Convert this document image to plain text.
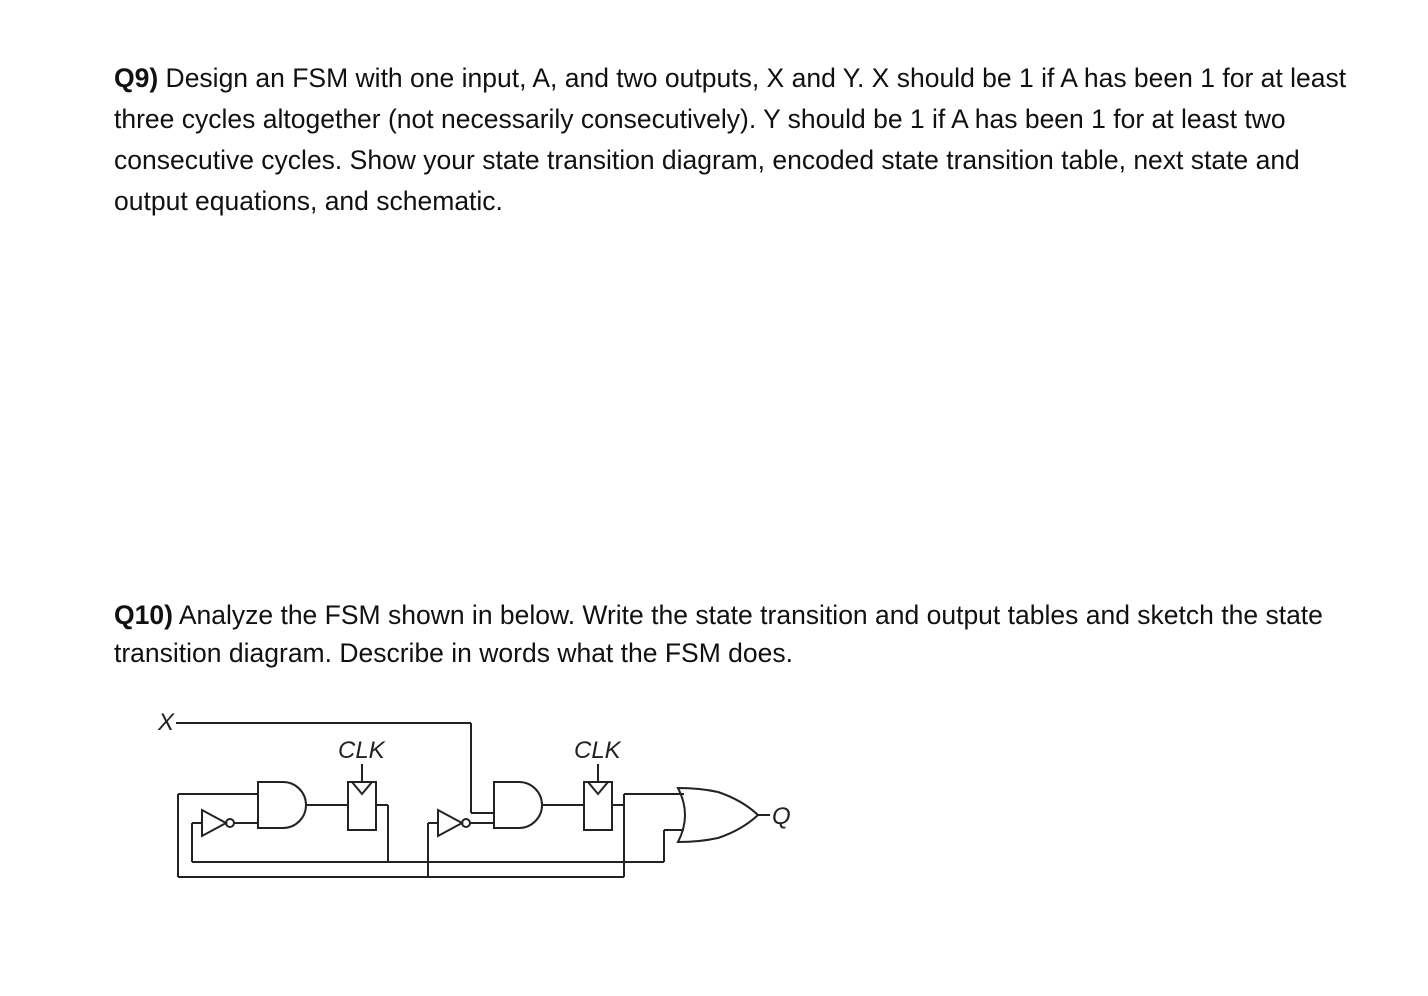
Q9) Design an FSM with one input, A, and two outputs, X and Y. X should be 1 if A has been 1 for at least three cycles altogether (not necessarily consecutively). Y should be 1 if A has been 1 for at least two consecutive cycles. Show your state transition diagram, encoded state transition table, next state and output equations, and schematic.

Q10) Analyze the FSM shown in below. Write the state transition and output tables and sketch the state transition diagram. Describe in words what the FSM does.

X
CLK	CLK
Q
